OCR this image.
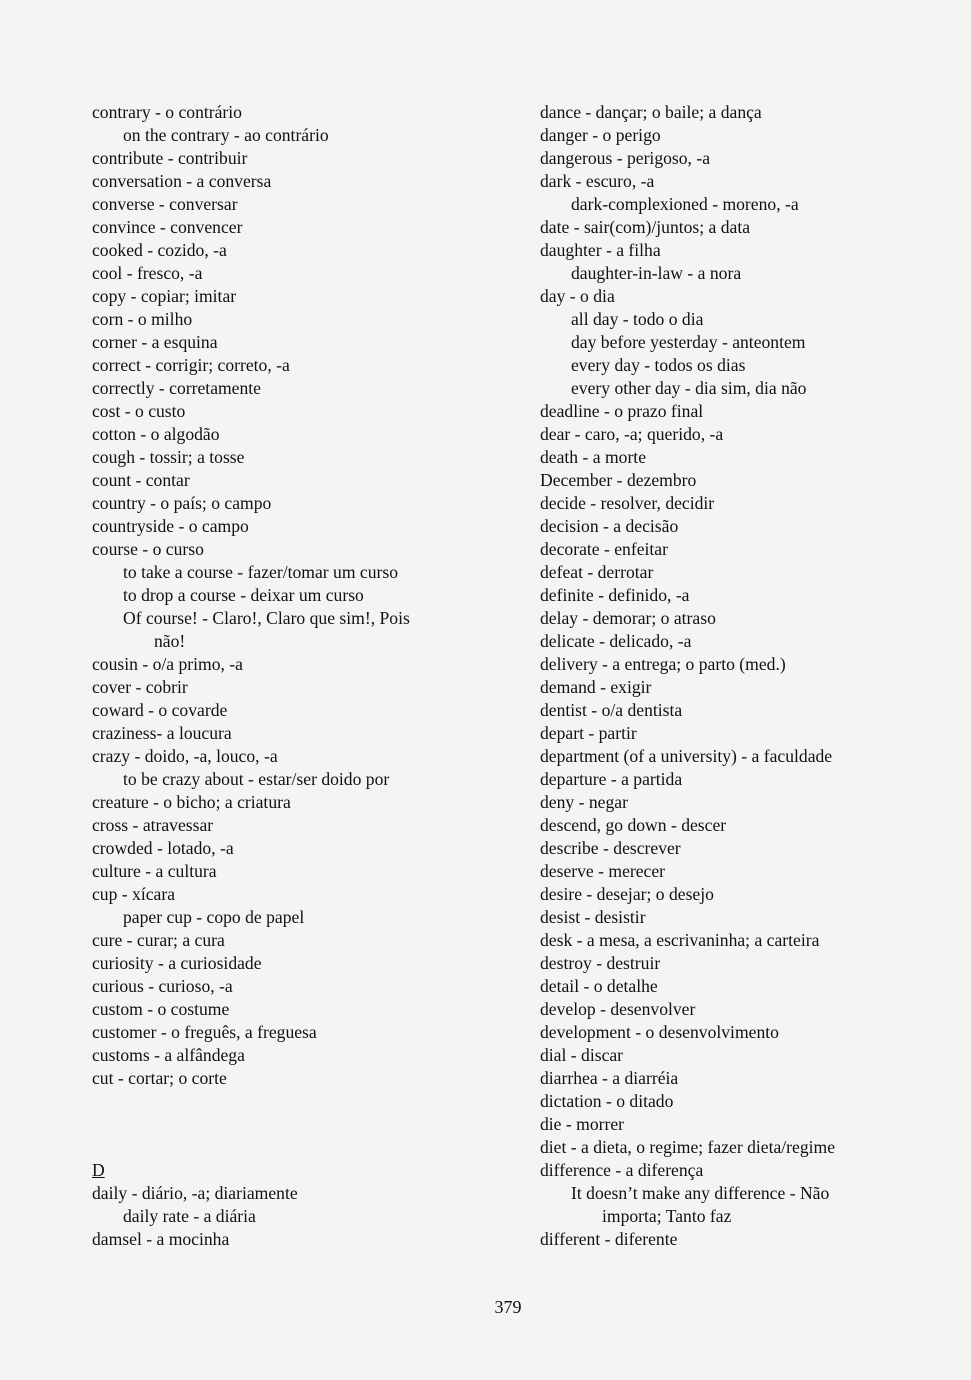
contrary - o contrário
on the contrary - ao contrário
contribute - contribuir
conversation - a conversa
converse - conversar
convince - convencer
cooked - cozido, -a
cool - fresco, -a
copy - copiar; imitar
corn - o milho
corner - a esquina
correct - corrigir; correto, -a
correctly - corretamente
cost - o custo
cotton - o algodão
cough - tossir; a tosse
count - contar
country - o país; o campo
countryside - o campo
course - o curso
to take a course - fazer/tomar um curso
to drop a course - deixar um curso
Of course! - Claro!, Claro que sim!, Pois
não!
cousin - o/a primo, -a
cover - cobrir
coward - o covarde
craziness- a loucura
crazy - doido, -a, louco, -a
to be crazy about - estar/ser doido por
creature - o bicho; a criatura
cross - atravessar
crowded - lotado, -a
culture - a cultura
cup - xícara
paper cup - copo de papel
cure - curar; a cura
curiosity - a curiosidade
curious - curioso, -a
custom - o costume
customer - o freguês, a freguesa
customs - a alfândega
cut - cortar; o corte
D
daily - diário, -a; diariamente
daily rate - a diária
damsel - a mocinha
dance - dançar; o baile; a dança
danger - o perigo
dangerous - perigoso, -a
dark - escuro, -a
dark-complexioned - moreno, -a
date - sair(com)/juntos; a data
daughter - a filha
daughter-in-law - a nora
day - o dia
all day - todo o dia
day before yesterday - anteontem
every day - todos os dias
every other day - dia sim, dia não
deadline - o prazo final
dear - caro, -a; querido, -a
death - a morte
December - dezembro
decide - resolver, decidir
decision - a decisão
decorate - enfeitar
defeat - derrotar
definite - definido, -a
delay - demorar; o atraso
delicate - delicado, -a
delivery - a entrega; o parto (med.)
demand - exigir
dentist - o/a dentista
depart - partir
department (of a university) - a faculdade
departure - a partida
deny - negar
descend, go down - descer
describe - descrever
deserve - merecer
desire - desejar; o desejo
desist - desistir
desk - a mesa, a escrivaninha; a carteira
destroy - destruir
detail - o detalhe
develop - desenvolver
development - o desenvolvimento
dial - discar
diarrhea - a diarréia
dictation - o ditado
die - morrer
diet - a dieta, o regime; fazer dieta/regime
difference - a diferença
It doesn’t make any difference - Não
importa; Tanto faz
different - diferente
379
